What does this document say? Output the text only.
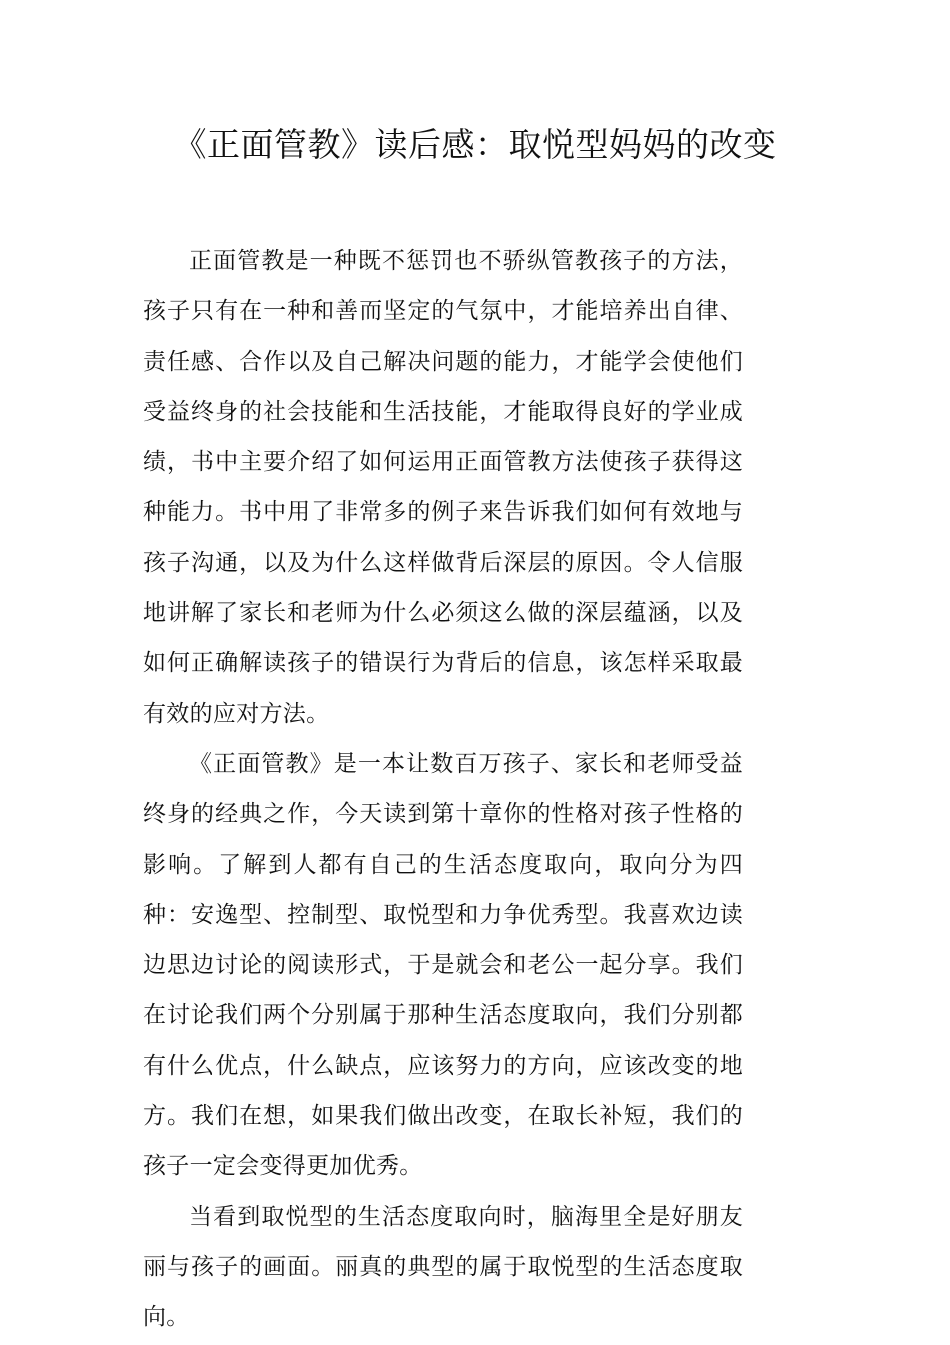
《正面管教》读后感：取悦型妈妈的改变

正面管教是一种既不惩罚也不骄纵管教孩子的方法，孩子只有在一种和善而坚定的气氛中，才能培养出自律、责任感、合作以及自己解决问题的能力，才能学会使他们受益终身的社会技能和生活技能，才能取得良好的学业成绩，书中主要介绍了如何运用正面管教方法使孩子获得这种能力。书中用了非常多的例子来告诉我们如何有效地与孩子沟通，以及为什么这样做背后深层的原因。令人信服地讲解了家长和老师为什么必须这么做的深层蕴涵，以及如何正确解读孩子的错误行为背后的信息，该怎样采取最有效的应对方法。

《正面管教》是一本让数百万孩子、家长和老师受益终身的经典之作，今天读到第十章你的性格对孩子性格的影响。了解到人都有自己的生活态度取向，取向分为四种：安逸型、控制型、取悦型和力争优秀型。我喜欢边读边思边讨论的阅读形式，于是就会和老公一起分享。我们在讨论我们两个分别属于那种生活态度取向，我们分别都有什么优点，什么缺点，应该努力的方向，应该改变的地方。我们在想，如果我们做出改变，在取长补短，我们的孩子一定会变得更加优秀。

当看到取悦型的生活态度取向时，脑海里全是好朋友丽与孩子的画面。丽真的典型的属于取悦型的生活态度取向。
